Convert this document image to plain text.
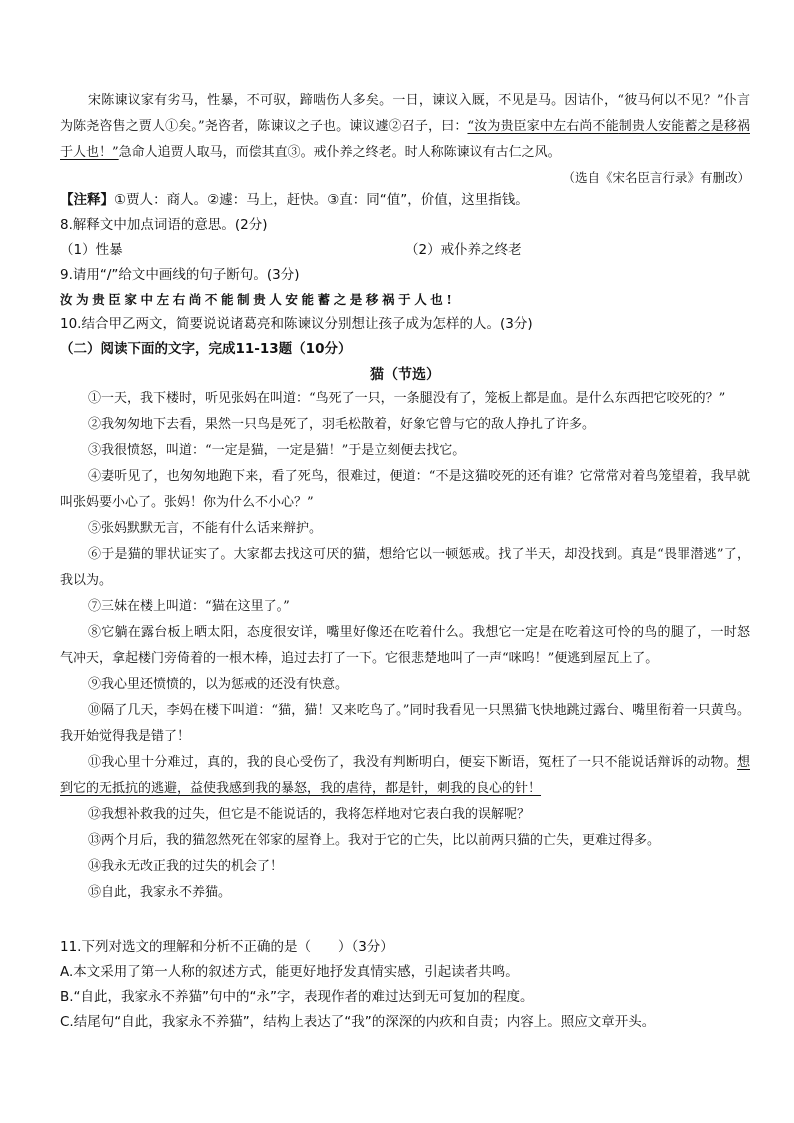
宋陈谏议家有劣马，性暴，不可驭，蹄啮伤人多矣。一日，谏议入厩，不见是马。因诘仆，“彼马何以不见？”仆言为陈尧咨售之贾人①矣。”尧咨者，陈谏议之子也。谏议遽②召子，曰：“汝为贵臣家中左右尚不能制贵人安能蓄之是移祸于人也！”急命人追贾人取马，而偿其直③。戒仆养之终老。时人称陈谏议有古仁之风。

（选自《宋名臣言行录》有删改）

【注释】①贾人：商人。②遽：马上，赶快。③直：同“值”，价值，这里指钱。

8.解释文中加点词语的意思。(2分)

（1）性暴	（2）戒仆养之终老

9.请用“/”给文中画线的句子断句。(3分)

汝为贵臣家中左右尚不能制贵人安能蓄之是移祸于人也!

10.结合甲乙两文，简要说说诸葛亮和陈谏议分别想让孩子成为怎样的人。(3分)

（二）阅读下面的文字，完成11-13题（10分）

猫（节选）

①一天，我下楼时，听见张妈在叫道：“鸟死了一只，一条腿没有了，笼板上都是血。是什么东西把它咬死的？”

②我匆匆地下去看，果然一只鸟是死了，羽毛松散着，好象它曾与它的敌人挣扎了许多。

③我很愤怒，叫道：“一定是猫，一定是猫！”于是立刻便去找它。

④妻听见了，也匆匆地跑下来，看了死鸟，很难过，便道：“不是这猫咬死的还有谁？它常常对着鸟笼望着，我早就叫张妈要小心了。张妈！你为什么不小心？”

⑤张妈默默无言，不能有什么话来辩护。

⑥于是猫的罪状证实了。大家都去找这可厌的猫，想给它以一顿惩戒。找了半天，却没找到。真是“畏罪潜逃”了，我以为。

⑦三妹在楼上叫道：“猫在这里了。”

⑧它躺在露台板上晒太阳，态度很安详，嘴里好像还在吃着什么。我想它一定是在吃着这可怜的鸟的腿了，一时怒气冲天，拿起楼门旁倚着的一根木棒，追过去打了一下。它很悲楚地叫了一声“咪呜！”便逃到屋瓦上了。

⑨我心里还愤愤的，以为惩戒的还没有快意。

⑩隔了几天，李妈在楼下叫道：“猫，猫！又来吃鸟了。”同时我看见一只黑猫飞快地跳过露台、嘴里衔着一只黄鸟。我开始觉得我是错了！

⑪我心里十分难过，真的，我的良心受伤了，我没有判断明白，便妄下断语，冤枉了一只不能说话辩诉的动物。想到它的无抵抗的逃避，益使我感到我的暴怒，我的虐待，都是针，刺我的良心的针！

⑫我想补救我的过失，但它是不能说话的，我将怎样地对它表白我的误解呢？

⑬两个月后，我的猫忽然死在邻家的屋脊上。我对于它的亡失，比以前两只猫的亡失，更难过得多。

⑭我永无改正我的过失的机会了！

⑮自此，我家永不养猫。

11.下列对选文的理解和分析不正确的是（　　）（3分）

A.本文采用了第一人称的叙述方式，能更好地抒发真情实感，引起读者共鸣。

B.“自此，我家永不养猫”句中的“永”字，表现作者的难过达到无可复加的程度。

C.结尾句“自此，我家永不养猫”，结构上表达了“我”的深深的内疚和自责；内容上。照应文章开头。
